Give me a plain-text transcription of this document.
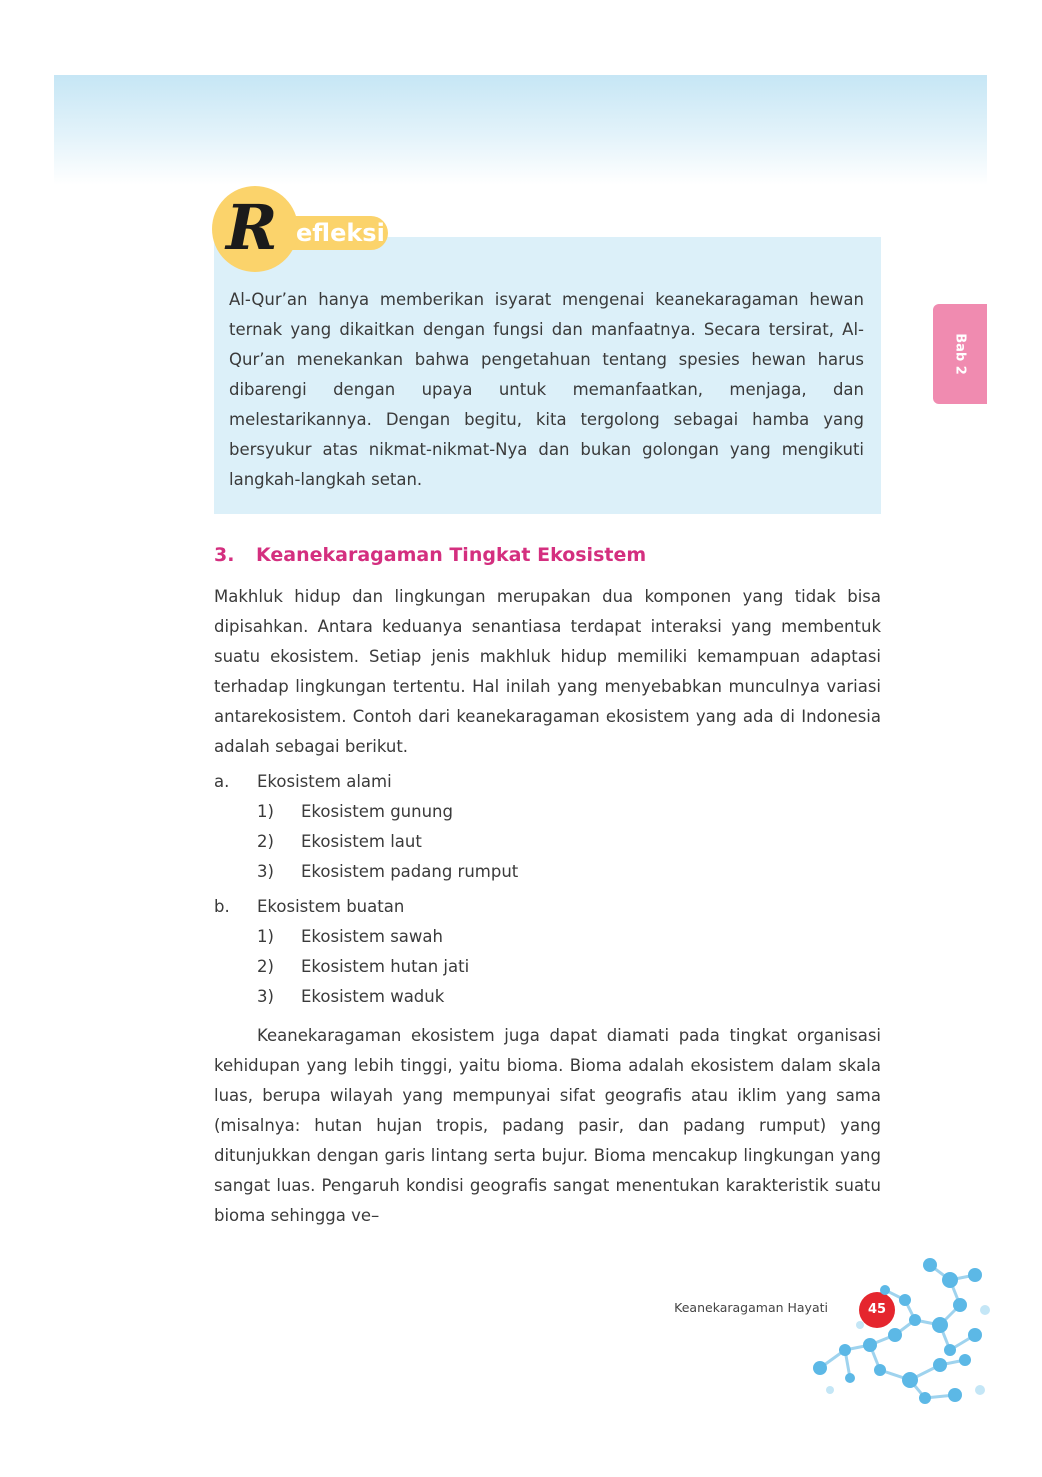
Bab 2
R efleksi

Al-Qur’an hanya memberikan isyarat mengenai keanekaragaman hewan ternak yang dikaitkan dengan fungsi dan manfaatnya. Secara tersirat, Al-Qur’an menekankan bahwa pengetahuan tentang spesies hewan harus dibarengi dengan upaya untuk memanfaatkan, menjaga, dan melestarikannya. Dengan begitu, kita tergolong sebagai hamba yang bersyukur atas nikmat-nikmat-Nya dan bukan golongan yang mengikuti langkah-langkah setan.

3. Keanekaragaman Tingkat Ekosistem

Makhluk hidup dan lingkungan merupakan dua komponen yang tidak bisa dipisahkan. Antara keduanya senantiasa terdapat interaksi yang membentuk suatu ekosistem. Setiap jenis makhluk hidup memiliki kemampuan adaptasi terhadap lingkungan tertentu. Hal inilah yang menyebabkan munculnya variasi antarekosistem. Contoh dari keanekaragaman ekosistem yang ada di Indonesia adalah sebagai berikut.

a. Ekosistem alami
1) Ekosistem gunung
2) Ekosistem laut
3) Ekosistem padang rumput
b. Ekosistem buatan
1) Ekosistem sawah
2) Ekosistem hutan jati
3) Ekosistem waduk

Keanekaragaman ekosistem juga dapat diamati pada tingkat organisasi kehidupan yang lebih tinggi, yaitu bioma. Bioma adalah ekosistem dalam skala luas, berupa wilayah yang mempunyai sifat geografis atau iklim yang sama (misalnya: hutan hujan tropis, padang pasir, dan padang rumput) yang ditunjukkan dengan garis lintang serta bujur. Bioma mencakup lingkungan yang sangat luas. Pengaruh kondisi geografis sangat menentukan karakteristik suatu bioma sehingga ve–

Keanekaragaman Hayati	45
